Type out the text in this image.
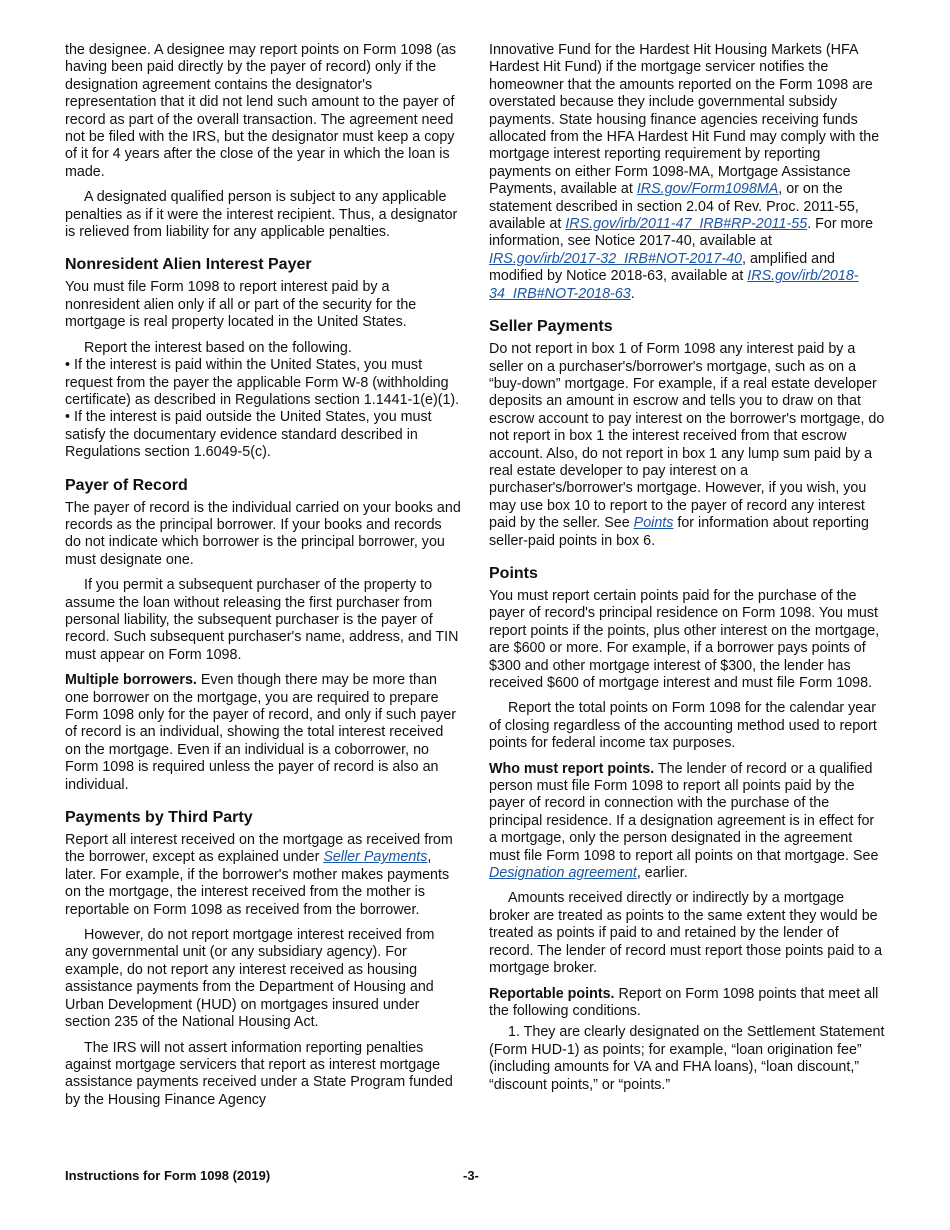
the designee. A designee may report points on Form 1098 (as having been paid directly by the payer of record) only if the designation agreement contains the designator's representation that it did not lend such amount to the payer of record as part of the overall transaction. The agreement need not be filed with the IRS, but the designator must keep a copy of it for 4 years after the close of the year in which the loan is made.

A designated qualified person is subject to any applicable penalties as if it were the interest recipient. Thus, a designator is relieved from liability for any applicable penalties.

Nonresident Alien Interest Payer

You must file Form 1098 to report interest paid by a nonresident alien only if all or part of the security for the mortgage is real property located in the United States.

Report the interest based on the following.

• If the interest is paid within the United States, you must request from the payer the applicable Form W-8 (withholding certificate) as described in Regulations section 1.1441-1(e)(1).
• If the interest is paid outside the United States, you must satisfy the documentary evidence standard described in Regulations section 1.6049-5(c).
Payer of Record

The payer of record is the individual carried on your books and records as the principal borrower. If your books and records do not indicate which borrower is the principal borrower, you must designate one.

If you permit a subsequent purchaser of the property to assume the loan without releasing the first purchaser from personal liability, the subsequent purchaser is the payer of record. Such subsequent purchaser's name, address, and TIN must appear on Form 1098.

Multiple borrowers. Even though there may be more than one borrower on the mortgage, you are required to prepare Form 1098 only for the payer of record, and only if such payer of record is an individual, showing the total interest received on the mortgage. Even if an individual is a coborrower, no Form 1098 is required unless the payer of record is also an individual.

Payments by Third Party

Report all interest received on the mortgage as received from the borrower, except as explained under Seller Payments, later. For example, if the borrower's mother makes payments on the mortgage, the interest received from the mother is reportable on Form 1098 as received from the borrower.

However, do not report mortgage interest received from any governmental unit (or any subsidiary agency). For example, do not report any interest received as housing assistance payments from the Department of Housing and Urban Development (HUD) on mortgages insured under section 235 of the National Housing Act.

The IRS will not assert information reporting penalties against mortgage servicers that report as interest mortgage assistance payments received under a State Program funded by the Housing Finance Agency

Innovative Fund for the Hardest Hit Housing Markets (HFA Hardest Hit Fund) if the mortgage servicer notifies the homeowner that the amounts reported on the Form 1098 are overstated because they include governmental subsidy payments. State housing finance agencies receiving funds allocated from the HFA Hardest Hit Fund may comply with the mortgage interest reporting requirement by reporting payments on either Form 1098-MA, Mortgage Assistance Payments, available at IRS.gov/Form1098MA, or on the statement described in section 2.04 of Rev. Proc. 2011-55, available at IRS.gov/irb/2011-47_IRB#RP-2011-55. For more information, see Notice 2017-40, available at IRS.gov/irb/2017-32_IRB#NOT-2017-40, amplified and modified by Notice 2018-63, available at IRS.gov/irb/2018-34_IRB#NOT-2018-63.

Seller Payments

Do not report in box 1 of Form 1098 any interest paid by a seller on a purchaser's/borrower's mortgage, such as on a “buy-down” mortgage. For example, if a real estate developer deposits an amount in escrow and tells you to draw on that escrow account to pay interest on the borrower's mortgage, do not report in box 1 the interest received from that escrow account. Also, do not report in box 1 any lump sum paid by a real estate developer to pay interest on a purchaser's/borrower's mortgage. However, if you wish, you may use box 10 to report to the payer of record any interest paid by the seller. See Points for information about reporting seller-paid points in box 6.

Points

You must report certain points paid for the purchase of the payer of record's principal residence on Form 1098. You must report points if the points, plus other interest on the mortgage, are $600 or more. For example, if a borrower pays points of $300 and other mortgage interest of $300, the lender has received $600 of mortgage interest and must file Form 1098.

Report the total points on Form 1098 for the calendar year of closing regardless of the accounting method used to report points for federal income tax purposes.

Who must report points. The lender of record or a qualified person must file Form 1098 to report all points paid by the payer of record in connection with the purchase of the principal residence. If a designation agreement is in effect for a mortgage, only the person designated in the agreement must file Form 1098 to report all points on that mortgage. See Designation agreement, earlier.

Amounts received directly or indirectly by a mortgage broker are treated as points to the same extent they would be treated as points if paid to and retained by the lender of record. The lender of record must report those points paid to a mortgage broker.

Reportable points. Report on Form 1098 points that meet all the following conditions.

1. They are clearly designated on the Settlement Statement (Form HUD-1) as points; for example, “loan origination fee” (including amounts for VA and FHA loans), “loan discount,” “discount points,” or “points.”

Instructions for Form 1098 (2019)	-3-
